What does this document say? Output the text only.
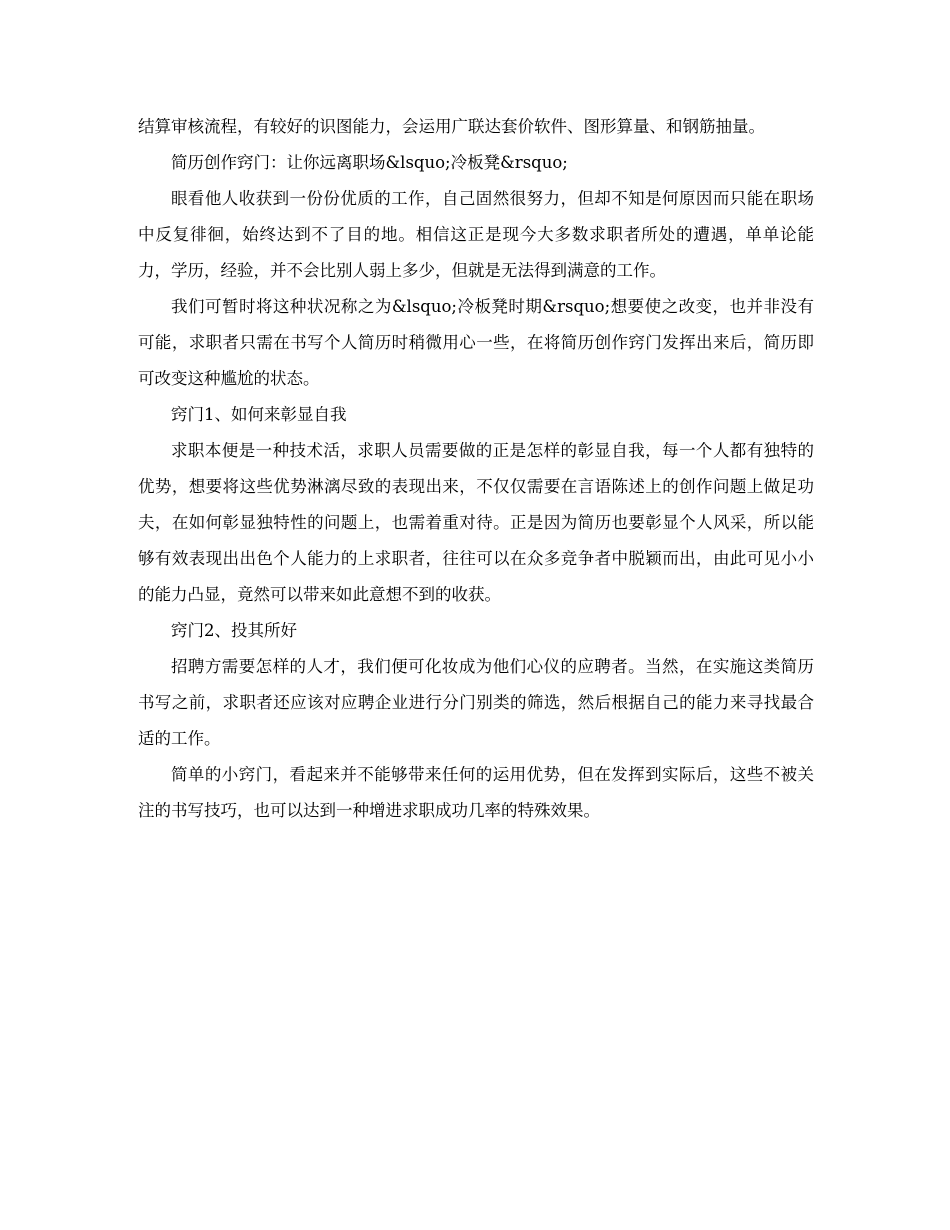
结算审核流程，有较好的识图能力，会运用广联达套价软件、图形算量、和钢筋抽量。

简历创作窍门：让你远离职场&lsquo;冷板凳&rsquo;

眼看他人收获到一份份优质的工作，自己固然很努力，但却不知是何原因而只能在职场中反复徘徊，始终达到不了目的地。相信这正是现今大多数求职者所处的遭遇，单单论能力，学历，经验，并不会比别人弱上多少，但就是无法得到满意的工作。

我们可暂时将这种状况称之为&lsquo;冷板凳时期&rsquo;想要使之改变，也并非没有可能，求职者只需在书写个人简历时稍微用心一些，在将简历创作窍门发挥出来后，简历即可改变这种尴尬的状态。

窍门1、如何来彰显自我

求职本便是一种技术活，求职人员需要做的正是怎样的彰显自我，每一个人都有独特的优势，想要将这些优势淋漓尽致的表现出来，不仅仅需要在言语陈述上的创作问题上做足功夫，在如何彰显独特性的问题上，也需着重对待。正是因为简历也要彰显个人风采，所以能够有效表现出出色个人能力的上求职者，往往可以在众多竞争者中脱颖而出，由此可见小小的能力凸显，竟然可以带来如此意想不到的收获。

窍门2、投其所好

招聘方需要怎样的人才，我们便可化妆成为他们心仪的应聘者。当然，在实施这类简历书写之前，求职者还应该对应聘企业进行分门别类的筛选，然后根据自己的能力来寻找最合适的工作。

简单的小窍门，看起来并不能够带来任何的运用优势，但在发挥到实际后，这些不被关注的书写技巧，也可以达到一种增进求职成功几率的特殊效果。
